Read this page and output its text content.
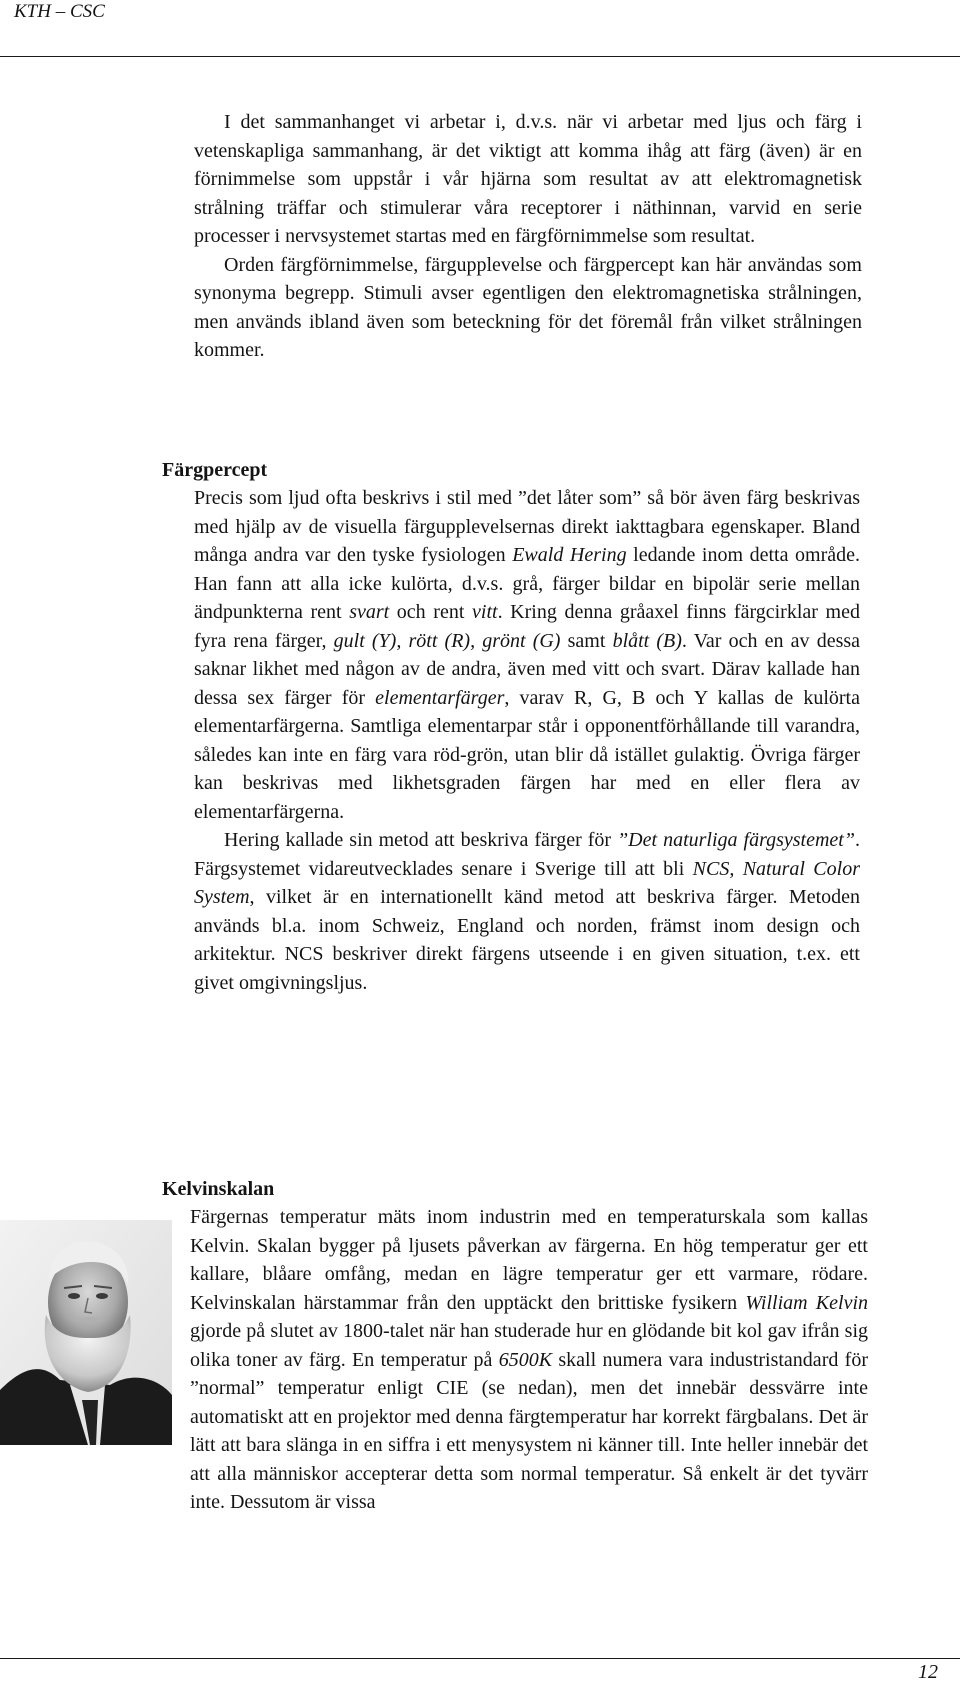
KTH – CSC

I det sammanhanget vi arbetar i, d.v.s. när vi arbetar med ljus och färg i vetenskapliga sammanhang, är det viktigt att komma ihåg att färg (även) är en förnimmelse som uppstår i vår hjärna som resultat av att elektromagnetisk strålning träffar och stimulerar våra receptorer i näthinnan, varvid en serie processer i nervsystemet startas med en färgförnimmelse som resultat.

Orden färgförnimmelse, färgupplevelse och färgpercept kan här användas som synonyma begrepp. Stimuli avser egentligen den elektromagnetiska strålningen, men används ibland även som beteckning för det föremål från vilket strålningen kommer.

Färgpercept

Precis som ljud ofta beskrivs i stil med ”det låter som” så bör även färg beskrivas med hjälp av de visuella färgupplevelsernas direkt iakttagbara egenskaper. Bland många andra var den tyske fysiologen Ewald Hering ledande inom detta område. Han fann att alla icke kulörta, d.v.s. grå, färger bildar en bipolär serie mellan ändpunkterna rent svart och rent vitt. Kring denna gråaxel finns färgcirklar med fyra rena färger, gult (Y), rött (R), grönt (G) samt blått (B). Var och en av dessa saknar likhet med någon av de andra, även med vitt och svart. Därav kallade han dessa sex färger för elementarfärger, varav R, G, B och Y kallas de kulörta elementarfärgerna. Samtliga elementarpar står i opponentförhållande till varandra, således kan inte en färg vara röd-grön, utan blir då istället gulaktig. Övriga färger kan beskrivas med likhetsgraden färgen har med en eller flera av elementarfärgerna.

Hering kallade sin metod att beskriva färger för ”Det naturliga färgsystemet”. Färgsystemet vidareutvecklades senare i Sverige till att bli NCS, Natural Color System, vilket är en internationellt känd metod att beskriva färger. Metoden används bl.a. inom Schweiz, England och norden, främst inom design och arkitektur. NCS beskriver direkt färgens utseende i en given situation, t.ex. ett givet omgivningsljus.

Kelvinskalan

Färgernas temperatur mäts inom industrin med en temperaturskala som kallas Kelvin. Skalan bygger på ljusets påverkan av färgerna. En hög temperatur ger ett kallare, blåare omfång, medan en lägre temperatur ger ett varmare, rödare. Kelvinskalan härstammar från den upptäckt den brittiske fysikern William Kelvin gjorde på slutet av 1800-talet när han studerade hur en glödande bit kol gav ifrån sig olika toner av färg. En temperatur på 6500K skall numera vara industristandard för ”normal” temperatur enligt CIE (se nedan), men det innebär dessvärre inte automatiskt att en projektor med denna färgtemperatur har korrekt färgbalans. Det är lätt att bara slänga in en siffra i ett menysystem ni känner till. Inte heller innebär det att alla människor accepterar detta som normal temperatur. Så enkelt är det tyvärr inte. Dessutom är vissa

12
